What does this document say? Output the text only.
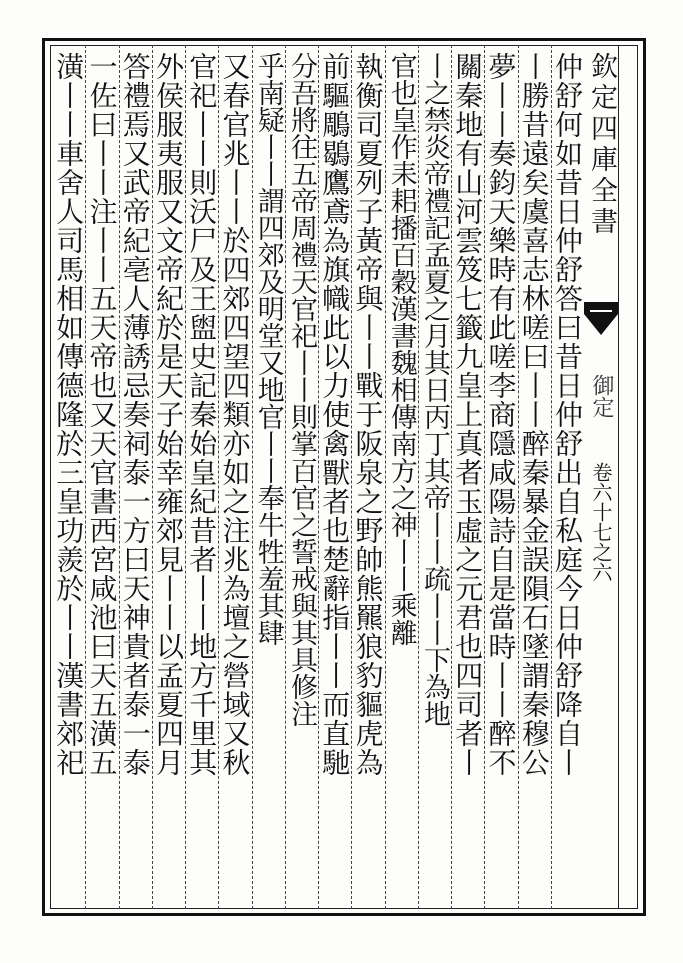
欽定四庫全書
御定
卷六十七之六
仲舒何如昔日仲舒答曰昔日仲舒出自私庭今日仲舒降自丨
丨勝昔遠矣虞喜志林嗟曰丨丨醉秦暴金誤隕石墜謂秦穆公
夢丨丨奏鈞天樂時有此嗟李商隱咸陽詩自是當時丨丨醉不
關秦地有山河雲笈七籤九皇上真者玉虛之元君也四司者丨
丨之禁炎帝禮記孟夏之月其日丙丁其帝丨丨疏丨丨下為地
官也皇作耒耜播百穀漢書魏相傳南方之神丨丨乘離
執衡司夏列子黃帝與丨丨戰于阪泉之野帥熊羆狼豹貙虎為
前驅鵰鶡鷹鳶為旗幟此以力使禽獸者也楚辭指丨丨而直馳
分吾將往五帝周禮天官祀丨丨則掌百官之誓戒與其具修注
乎南疑丨丨謂四郊及明堂又地官丨丨奉牛牲羞其肆
又春官兆丨丨於四郊四望四類亦如之注兆為壇之營域又秋
官祀丨丨則沃尸及王盥史記秦始皇紀昔者丨丨地方千里其
外侯服夷服又文帝紀於是天子始幸雍郊見丨丨以孟夏四月
答禮焉又武帝紀亳人薄誘忌奏祠泰一方曰天神貴者泰一泰
一佐曰丨丨注丨丨五天帝也又天官書西宮咸池曰天五潢五
潢丨丨車舍人司馬相如傳德隆於三皇功羨於丨丨漢書郊祀
